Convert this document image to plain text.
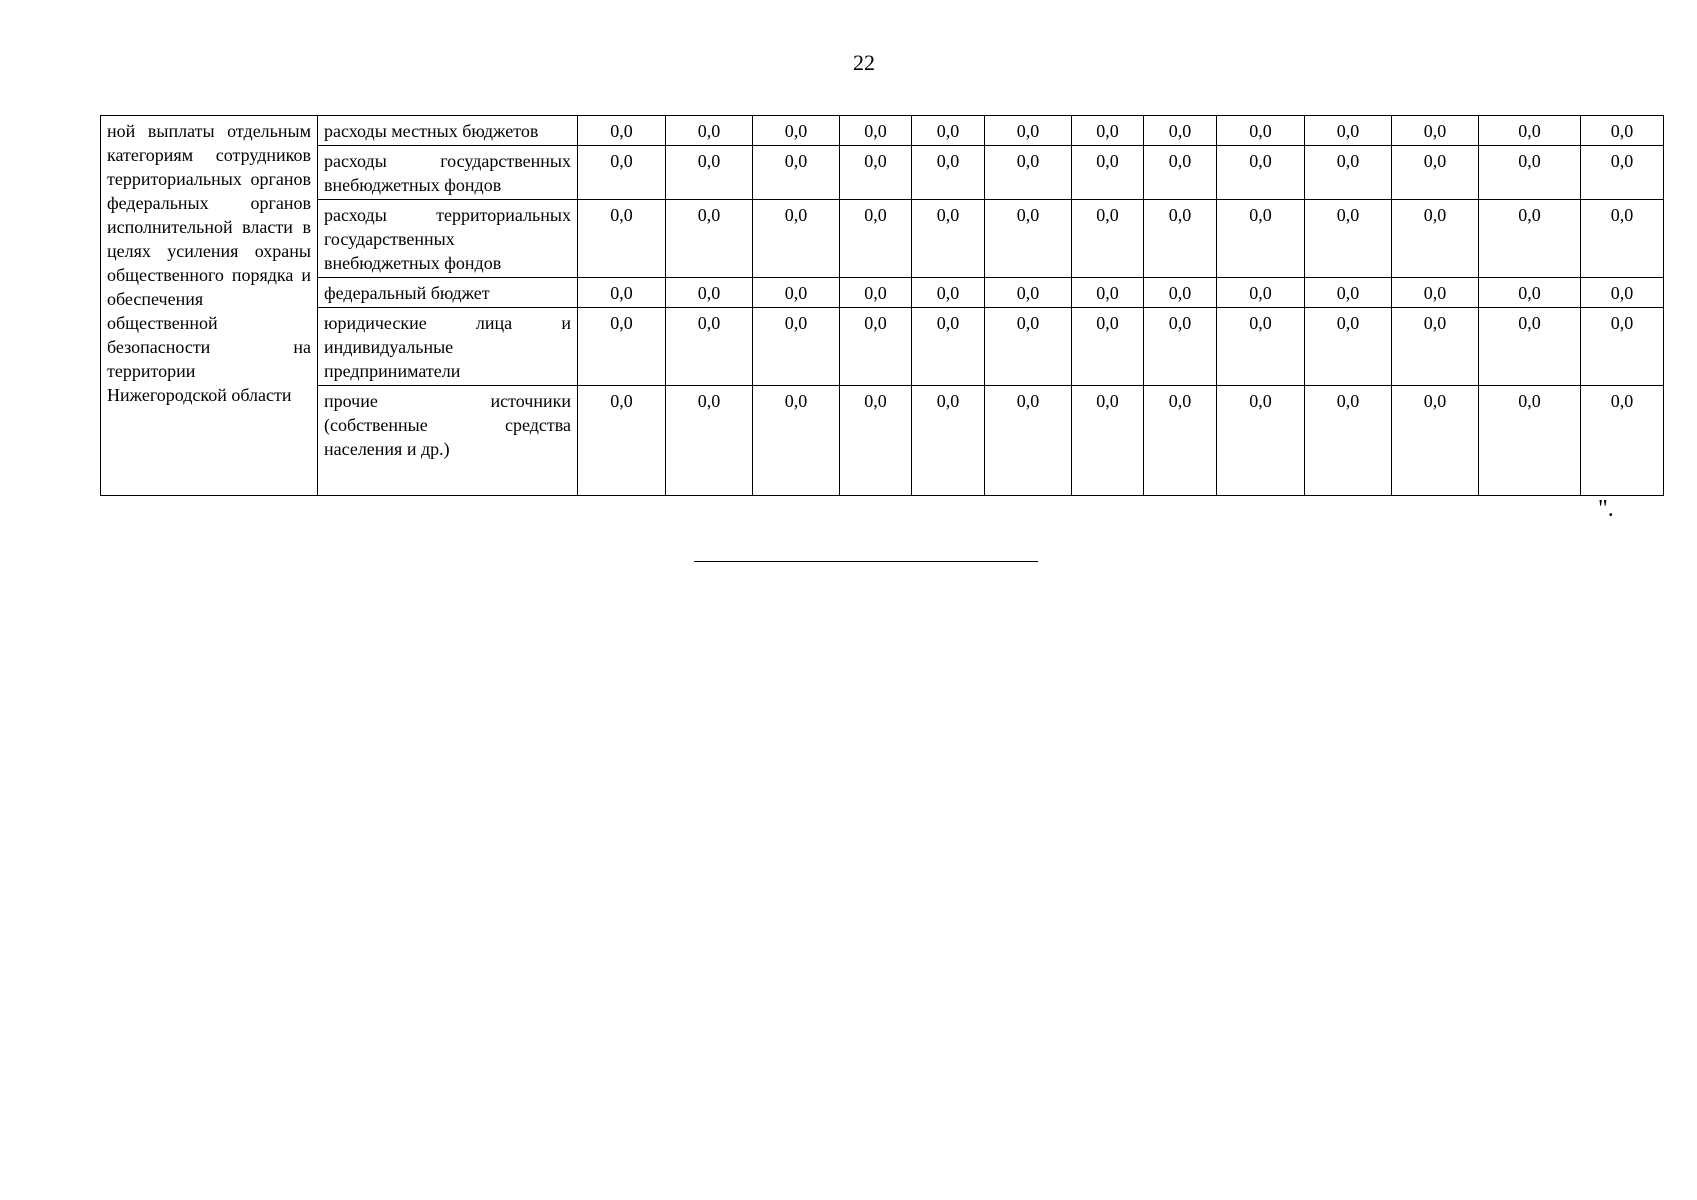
22
ной выплаты отдельным категориям сотрудников территориальных органов федеральных органов исполнительной власти в целях усиления охраны общественного порядка и обеспечения общественной безопасности на территории Нижегородской области	расходы местных бюджетов	0,0	0,0	0,0	0,0	0,0	0,0	0,0	0,0	0,0	0,0	0,0	0,0	0,0
	расходы государственных внебюджетных фондов	0,0	0,0	0,0	0,0	0,0	0,0	0,0	0,0	0,0	0,0	0,0	0,0	0,0
	расходы территориальных государственных внебюджетных фондов	0,0	0,0	0,0	0,0	0,0	0,0	0,0	0,0	0,0	0,0	0,0	0,0	0,0
	федеральный бюджет	0,0	0,0	0,0	0,0	0,0	0,0	0,0	0,0	0,0	0,0	0,0	0,0	0,0
	юридические лица и индивидуальные предприниматели	0,0	0,0	0,0	0,0	0,0	0,0	0,0	0,0	0,0	0,0	0,0	0,0	0,0
	прочие источники (собственные средства населения и др.)	0,0	0,0	0,0	0,0	0,0	0,0	0,0	0,0	0,0	0,0	0,0	0,0	0,0
".
